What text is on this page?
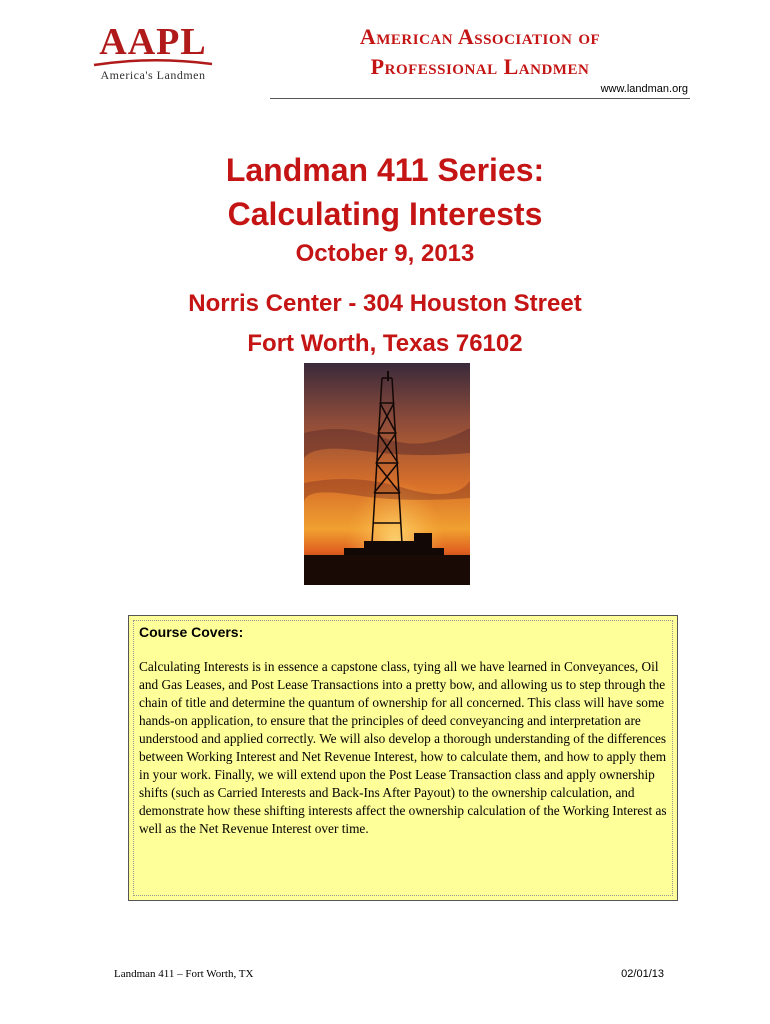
AAPL
America's Landmen
American Association of
Professional Landmen
www.landman.org
Landman 411 Series:
Calculating Interests
October 9, 2013
Norris Center - 304 Houston Street
Fort Worth, Texas 76102
Course Covers:
Calculating Interests is in essence a capstone class, tying all we have learned in Conveyances, Oil and Gas Leases, and Post Lease Transactions into a pretty bow, and allowing us to step through the chain of title and determine the quantum of ownership for all concerned. This class will have some hands-on application, to ensure that the principles of deed conveyancing and interpretation are understood and applied correctly. We will also develop a thorough understanding of the differences between Working Interest and Net Revenue Interest, how to calculate them, and how to apply them in your work. Finally, we will extend upon the Post Lease Transaction class and apply ownership shifts (such as Carried Interests and Back-Ins After Payout) to the ownership calculation, and demonstrate how these shifting interests affect the ownership calculation of the Working Interest as well as the Net Revenue Interest over time.
Landman 411 – Fort Worth, TX	02/01/13
